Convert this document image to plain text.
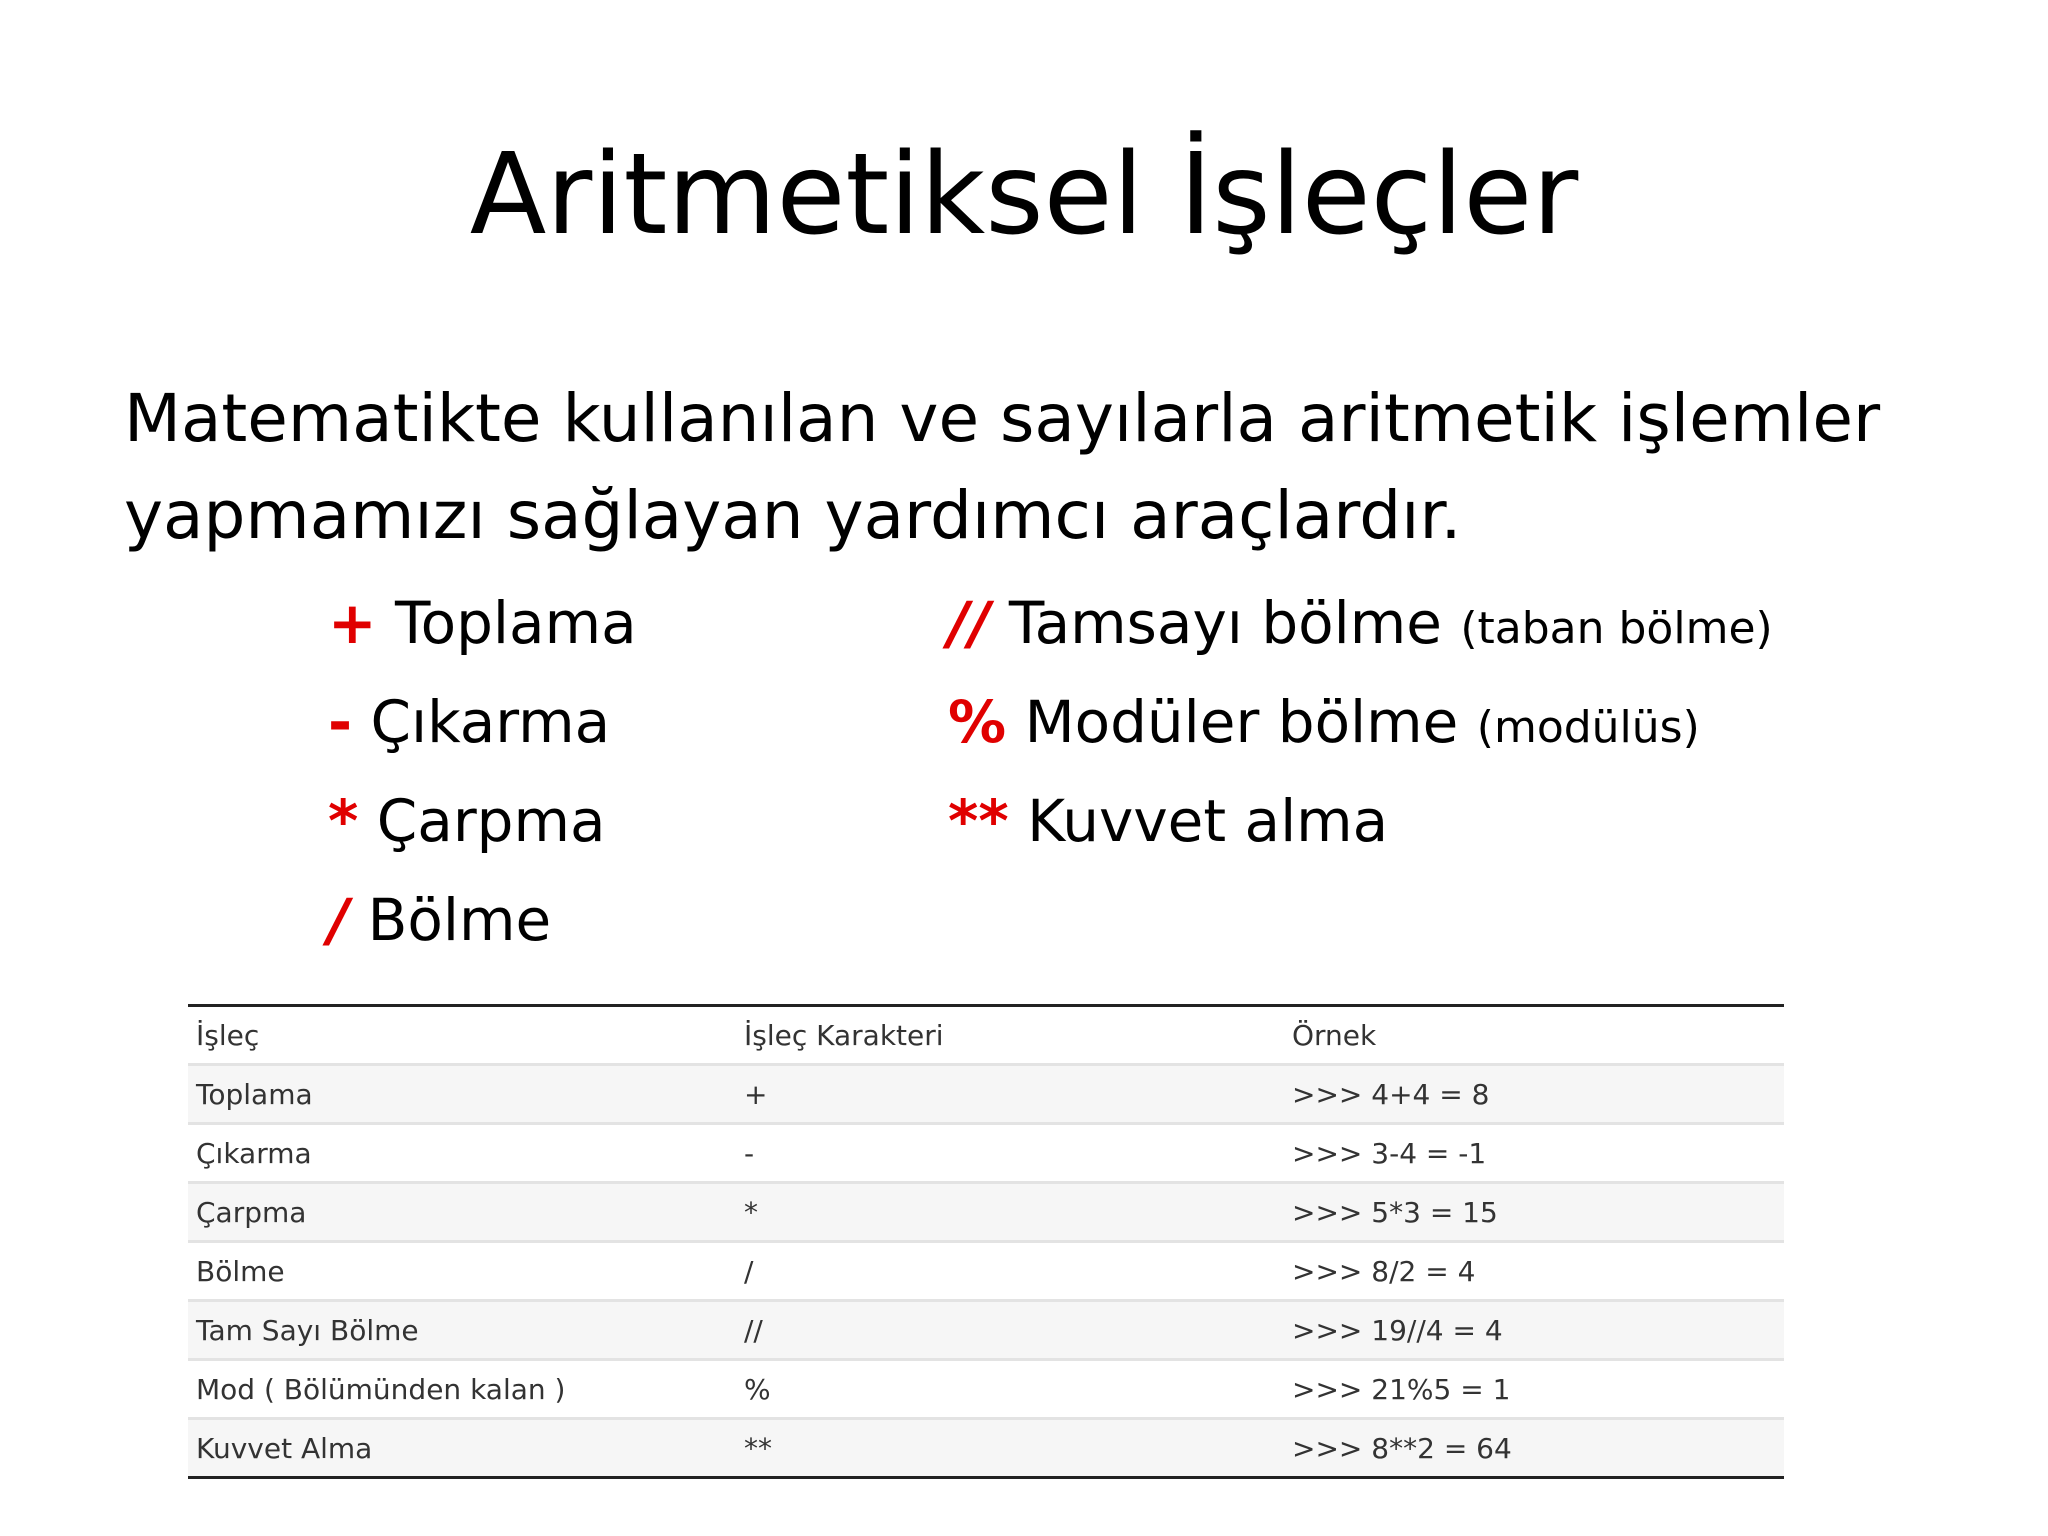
Aritmetiksel İşleçler
Matematikte kullanılan ve sayılarla aritmetik işlemler
yapmamızı sağlayan yardımcı araçlardır.
+ Toplama
- Çıkarma
* Çarpma
/ Bölme
// Tamsayı bölme (taban bölme)
% Modüler bölme (modülüs)
** Kuvvet alma
İşleç	İşleç Karakteri	Örnek
Toplama	+	>>> 4+4 = 8
Çıkarma	-	>>> 3-4 = -1
Çarpma	*	>>> 5*3 = 15
Bölme	/	>>> 8/2 = 4
Tam Sayı Bölme	//	>>> 19//4 = 4
Mod ( Bölümünden kalan )	%	>>> 21%5 = 1
Kuvvet Alma	**	>>> 8**2 = 64
